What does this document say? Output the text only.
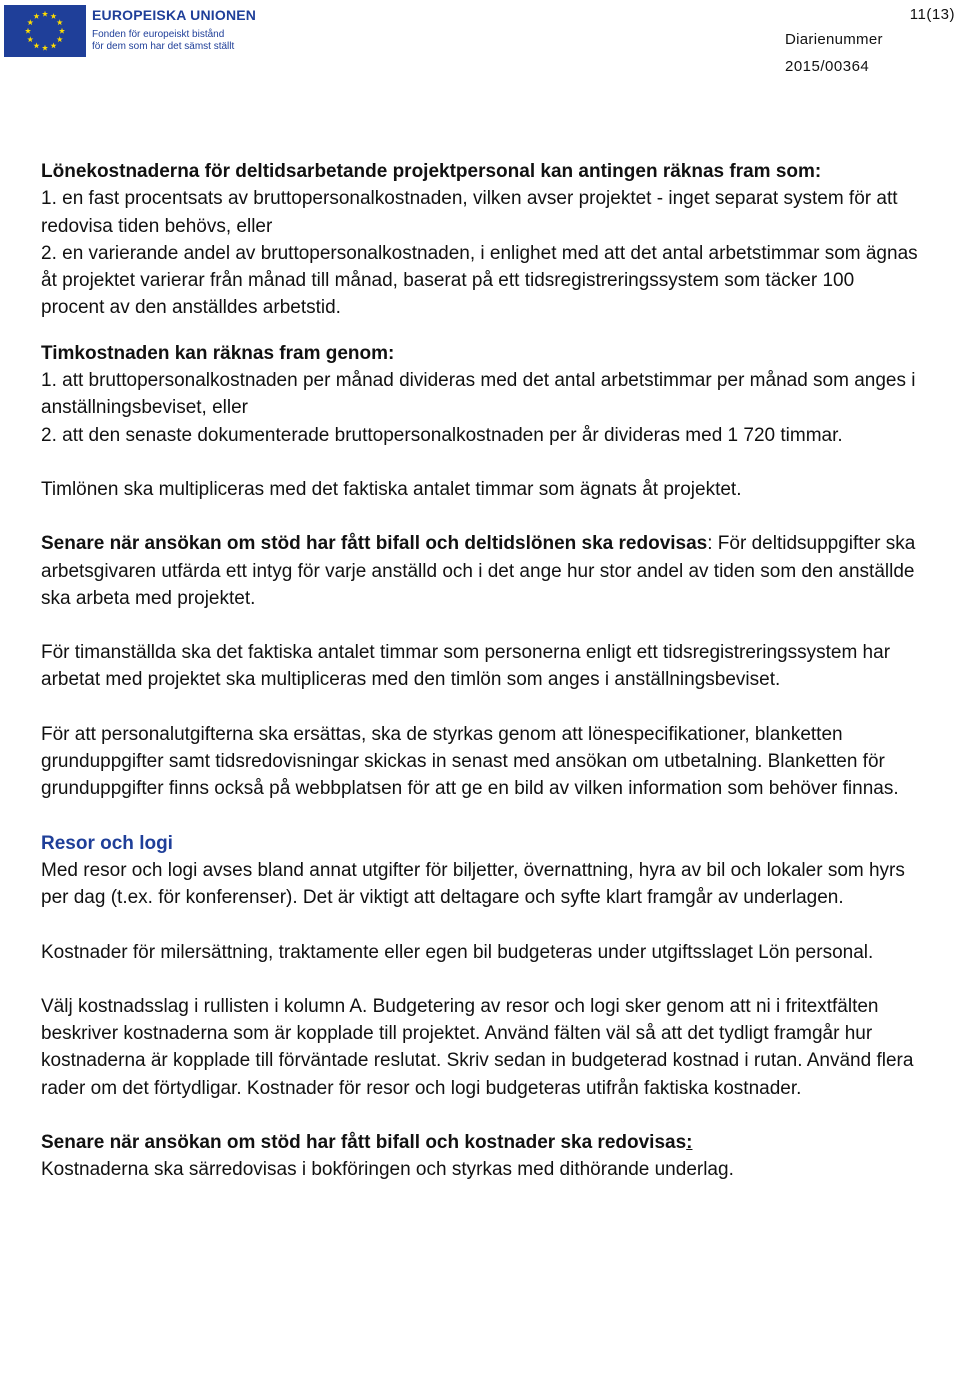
EUROPEISKA UNIONEN
Fonden för europeiskt bistånd
för dem som har det sämst ställt
11(13)
Diarienummer
2015/00364

Lönekostnaderna för deltidsarbetande projektpersonal kan antingen räknas fram som:

1. en fast procentsats av bruttopersonalkostnaden, vilken avser projektet - inget separat system för att redovisa tiden behövs, eller

2. en varierande andel av bruttopersonalkostnaden, i enlighet med att det antal arbetstimmar som ägnas åt projektet varierar från månad till månad, baserat på ett tidsregistreringssystem som täcker 100 procent av den anställdes arbetstid.

Timkostnaden kan räknas fram genom:

1. att bruttopersonalkostnaden per månad divideras med det antal arbetstimmar per månad som anges i anställningsbeviset, eller

2. att den senaste dokumenterade bruttopersonalkostnaden per år divideras med 1 720 timmar.

Timlönen ska multipliceras med det faktiska antalet timmar som ägnats åt projektet.

Senare när ansökan om stöd har fått bifall och deltidslönen ska redovisas: För deltidsuppgifter ska arbetsgivaren utfärda ett intyg för varje anställd och i det ange hur stor andel av tiden som den anställde ska arbeta med projektet.

För timanställda ska det faktiska antalet timmar som personerna enligt ett tidsregistreringssystem har arbetat med projektet ska multipliceras med den timlön som anges i anställningsbeviset.

För att personalutgifterna ska ersättas, ska de styrkas genom att lönespecifikationer, blanketten grunduppgifter samt tidsredovisningar skickas in senast med ansökan om utbetalning. Blanketten för grunduppgifter finns också på webbplatsen för att ge en bild av vilken information som behöver finnas.

Resor och logi

Med resor och logi avses bland annat utgifter för biljetter, övernattning, hyra av bil och lokaler som hyrs per dag (t.ex. för konferenser). Det är viktigt att deltagare och syfte klart framgår av underlagen.

Kostnader för milersättning, traktamente eller egen bil budgeteras under utgiftsslaget Lön personal.

Välj kostnadsslag i rullisten i kolumn A. Budgetering av resor och logi sker genom att ni i fritextfälten beskriver kostnaderna som är kopplade till projektet. Använd fälten väl så att det tydligt framgår hur kostnaderna är kopplade till förväntade reslutat. Skriv sedan in budgeterad kostnad i rutan. Använd flera rader om det förtydligar. Kostnader för resor och logi budgeteras utifrån faktiska kostnader.

Senare när ansökan om stöd har fått bifall och kostnader ska redovisas:

Kostnaderna ska särredovisas i bokföringen och styrkas med dithörande underlag.
